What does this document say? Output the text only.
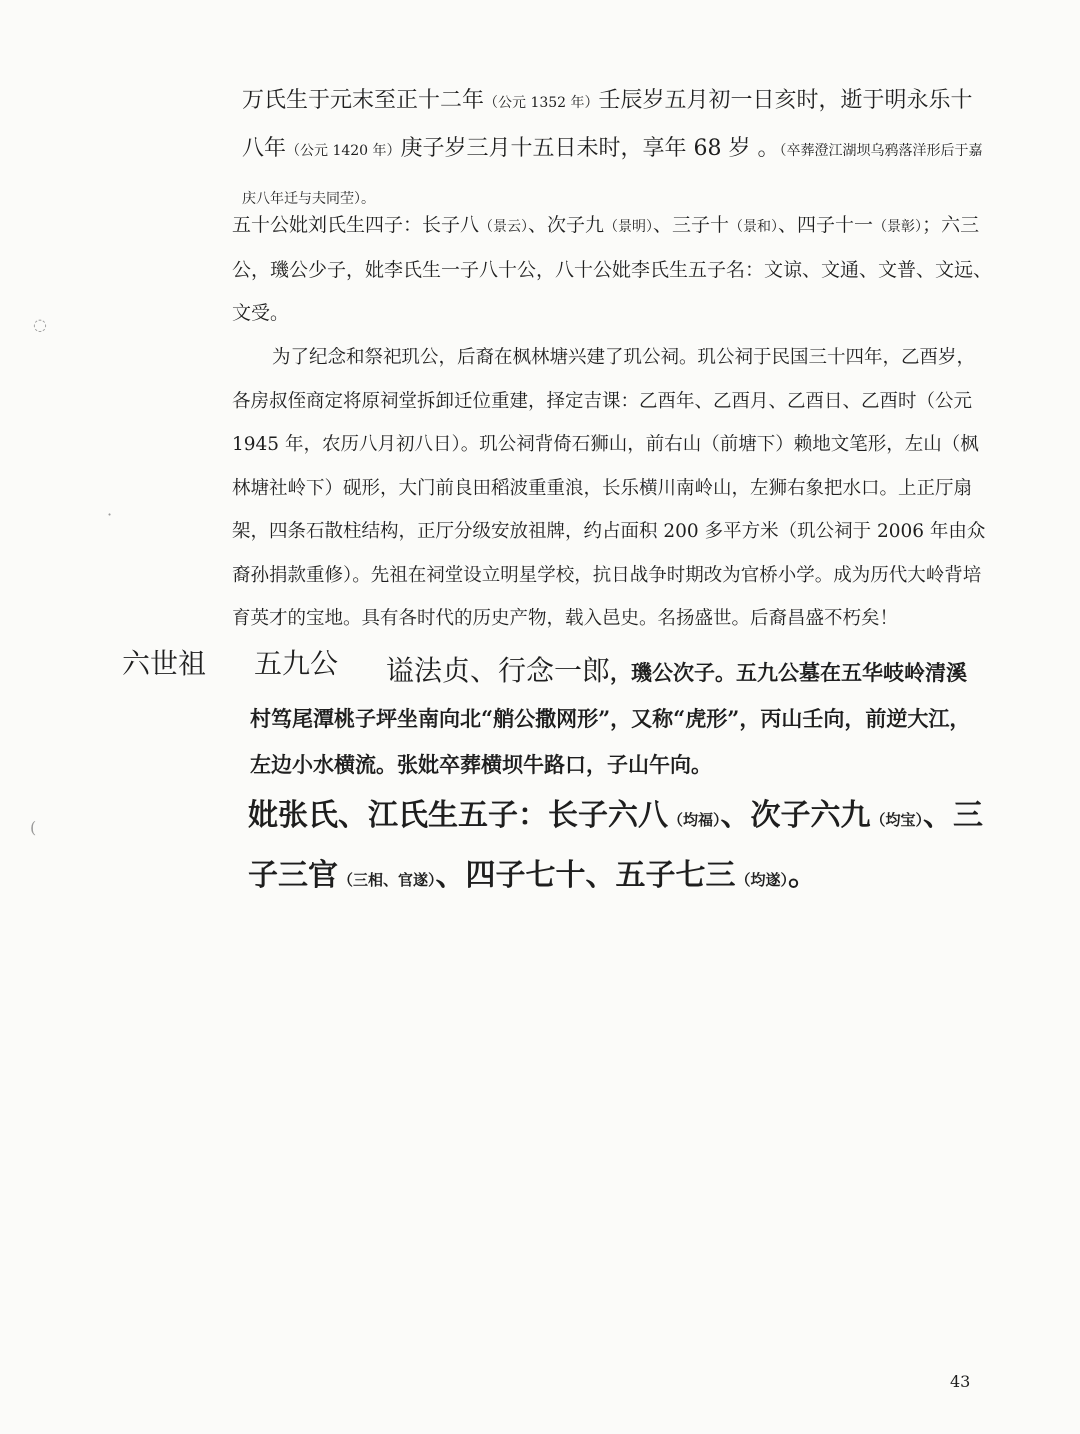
◌
·
(

万氏生于元末至正十二年（公元 1352 年）壬辰岁五月初一日亥时，逝于明永乐十八年（公元 1420 年）庚子岁三月十五日未时，享年 68 岁 。（卒葬澄江湖坝乌鸦落洋形后于嘉庆八年迁与夫同茔）。

五十公妣刘氏生四子：长子八（景云）、次子九（景明）、三子十（景和）、四子十一（景彰）；六三公，璣公少子，妣李氏生一子八十公，八十公妣李氏生五子名：文谅、文通、文普、文远、文受。

为了纪念和祭祀玑公，后裔在枫林塘兴建了玑公祠。玑公祠于民国三十四年，乙酉岁，各房叔侄商定将原祠堂拆卸迁位重建，择定吉课：乙酉年、乙酉月、乙酉日、乙酉时（公元 1945 年，农历八月初八日）。玑公祠背倚石狮山，前右山（前塘下）赖地文笔形，左山（枫林塘社岭下）砚形，大门前良田稻波重重浪，长乐横川南岭山，左狮右象把水口。上正厅扇架，四条石散柱结构，正厅分级安放祖牌，约占面积 200 多平方米（玑公祠于 2006 年由众裔孙捐款重修）。先祖在祠堂设立明星学校，抗日战争时期改为官桥小学。成为历代大岭背培育英才的宝地。具有各时代的历史产物，载入邑史。名扬盛世。后裔昌盛不朽矣！

六世祖 五九公	谥法贞、行念一郎，璣公次子。五九公墓在五华岐岭清溪村笃尾潭桃子坪坐南向北“艄公撒网形”，又称“虎形”，丙山壬向，前逆大江，左边小水横流。张妣卒葬横坝牛路口，子山午向。

妣张氏、江氏生五子：长子六八（均福）、次子六九（均宝）、三子三官（三相、官遂）、四子七十、五子七三（均遂）。

43
